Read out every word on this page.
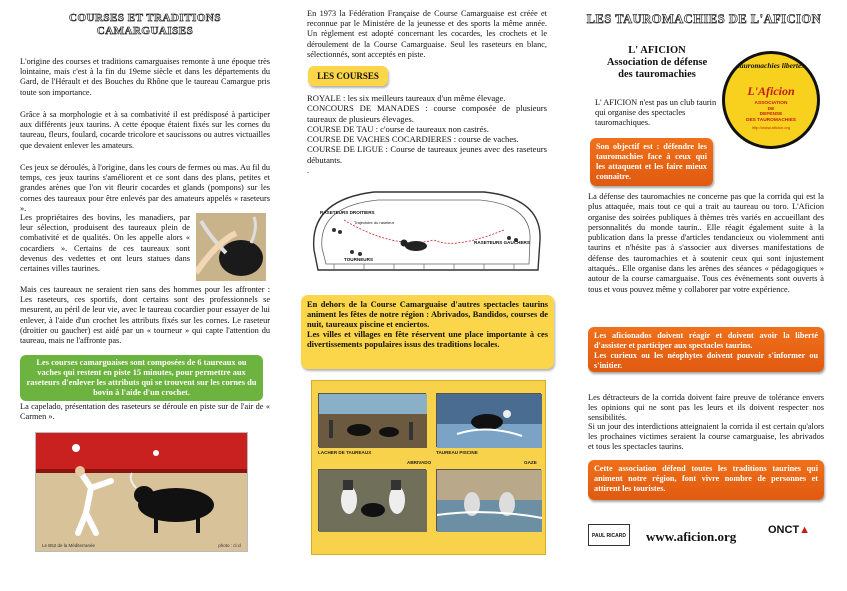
COURSES ET TRADITIONS
CAMARGUAISES

L'origine des courses et traditions camarguaises remonte à une époque très lointaine, mais c'est à la fin du 19eme siècle et dans les départements du Gard, de l'Hérault et des Bouches du Rhône que le taureau Camargue pris toute son importance.

Grâce à sa morphologie et à sa combativité il est prédisposé à participer aux différents jeux taurins. A cette époque étaient fixés sur les cornes du taureau, fleurs, foulard, cocarde tricolore et saucissons ou autres victuailles que devaient enlever les amateurs.

Ces jeux se déroulés, à l'origine, dans les cours de fermes ou mas. Au fil du temps, ces jeux taurins s'améliorent et ce sont dans des plans, petites et grandes arènes que l'on vit fleurir cocardes et glands (pompons) sur les cornes des taureaux pour être enlevés par des amateurs appelés « raseteurs ».

Les propriétaires des bovins, les manadiers, par leur sélection, produisent des taureaux plein de combativité et de qualités. On les appelle alors « cocardiers ». Certains de ces taureaux sont devenus des vedettes et ont leurs statues dans certaines villes taurines.

Mais ces taureaux ne seraient rien sans des hommes pour les affronter : Les raseteurs, ces sportifs, dont certains sont des professionnels se mesurent, au péril de leur vie, avec le taureau cocardier pour essayer de lui enlever, à l'aide d'un crochet les attributs fixés sur les cornes. Le raseteur (droitier ou gaucher) est aidé par un « tourneur » qui capte l'attention du taureau, mais ne l'affronte pas.

Les courses camarguaises sont composées de 6 taureaux ou vaches qui restent en piste 15 minutes, pour permettre aux raseteurs d'enlever les attributs qui se trouvent sur les cornes du bovin à l'aide d'un crochet.

La capelado, présentation des raseteurs se déroule en piste sur de l'air de « Carmen ».

Le B52 de la Méditerranée	photo : cl.cl

En 1973 la Fédération Française de Course Camarguaise est créée et reconnue par le Ministère de la jeunesse et des sports la même année. Un règlement est adopté concernant les cocardes, les crochets et le déroulement de la Course Camarguaise. Seul les raseteurs en blanc, sélectionnés, sont acceptés en piste.

LES COURSES
ROYALE : les six meilleurs taureaux d'un même élevage.
CONCOURS DE MANADES : course composée de plusieurs taureaux de plusieurs élevages.
COURSE DE TAU : c'ourse de taureaux non castrés.
COURSE DE VACHES COCARDIERES : course de vaches.
COURSE DE LIGUE : Course de taureaux jeunes avec des raseteurs débutants.
.
RASETEURS DROITIERS
Trajectoire du raseteur
RASETEURS GAUCHERS
TOURNEURS
En dehors de la Course Camarguaise d'autres spectacles taurins animent les fêtes de notre région : Abrivados, Bandidos, courses de nuit, taureaux piscine et enciertos.
Les villes et villages en fête réservent une place importante à ces divertissements populaires issus des traditions locales.
LACHER DE TAUREAUX	TAUREAU PISCINE
ABRIVADO	GAZE
LES TAUROMACHIES DE L'AFICION
L' AFICION
Association de défense
des tauromachies
tauromachies libertés
L'Aficion
ASSOCIATION
DE
DEFENSE
DES TAUROMACHIES
http://www.aficion.org

L' AFICION n'est pas un club taurin qui organise des spectacles tauromachiques.

Son objectif est : défendre les tauromachies face à ceux qui les attaquent et les faire mieux connaître.

La défense des tauromachies ne concerne pas que la corrida qui est la plus attaquée, mais tout ce qui a trait au taureau ou toro. L'Aficion organise des soirées publiques à thèmes très variés en accueillant des personnalités du monde taurin.. Elle réagit également suite à la publication dans la presse d'articles tendancieux ou violemment anti taurins et n'hésite pas à s'associer aux diverses manifestations de défense des tauromachies et à soutenir ceux qui sont injustement attaqués.. Elle organise dans les arènes des séances « pédagogiques » autour de la course camarguaise. Tous ces évènements sont ouverts à tous et vous pouvez même y collaborer par votre expérience.

Les aficionados doivent réagir et doivent avoir la liberté d'assister et participer aux spectacles taurins.
Les curieux ou les néophytes doivent pouvoir s'informer ou s'initier.

Les détracteurs de la corrida doivent faire preuve de tolérance envers les opinions qui ne sont pas les leurs et ils doivent respecter nos sensibilités.

Si un jour des interdictions atteignaient la corrida il est certain qu'alors les prochaines victimes seraient la course camarguaise, les abrivados et tous les spectacles taurins.

Cette association défend toutes les traditions taurines qui animent notre région, font vivre nombre de personnes et attirent les touristes.
PAUL RICARD	www.aficion.org	ONCT▲
